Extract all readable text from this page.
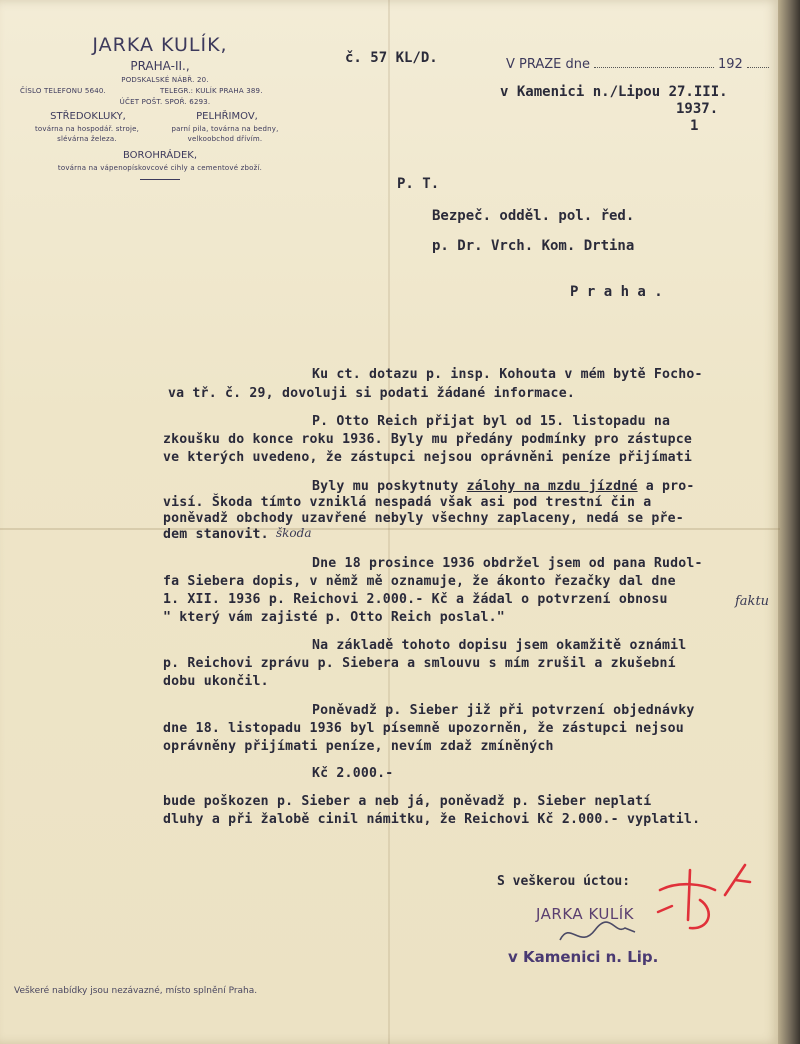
JARKA KULÍK,
PRAHA-II.,
PODSKALSKÉ NÁBŘ. 20.
ČÍSLO TELEFONU 5640.	TELEGR.: KULÍK PRAHA 389.
ÚČET POŠT. SPOŘ. 6293.
STŘEDOKLUKY,
továrna na hospodář. stroje,
slévárna železa.
PELHŘIMOV,
parní pila, továrna na bedny,
velkoobchod dřívím.
BOROHRÁDEK,
továrna na vápenopískovcové cihly a cementové zboží.
č. 57 KL/D.	V PRAZE dne	192
v Kamenici n./Lipou 27.III.
1937.
1
P. T.
Bezpeč. odděl. pol. řed.
p. Dr. Vrch. Kom. Drtina
P r a h a .
Ku ct. dotazu p. insp. Kohouta v mém bytě Focho-
va tř. č. 29, dovoluji si podati žádané informace.
P. Otto Reich přijat byl od 15. listopadu na
zkoušku do konce roku 1936. Byly mu předány podmínky pro zástupce
ve kterých uvedeno, že zástupci nejsou oprávněni peníze přijímati
Byly mu poskytnuty zálohy na mzdu jízdné a pro-
visí. Škoda tímto vzniklá nespadá však asi pod trestní čin a
poněvadž obchody uzavřené nebyly všechny zaplaceny, nedá se pře-
dem stanovit. škoda
Dne 18 prosince 1936 obdržel jsem od pana Rudol-
fa Siebera dopis, v němž mě oznamuje, že ákonto řezačky dal dne
1. XII. 1936 p. Reichovi 2.000.- Kč a žádal o potvrzení obnosu
" který vám zajisté p. Otto Reich poslal."
faktu
Na základě tohoto dopisu jsem okamžitě oznámil
p. Reichovi zprávu p. Siebera a smlouvu s mím zrušil a zkušební
dobu ukončil.
Poněvadž p. Sieber již při potvrzení objednávky
dne 18. listopadu 1936 byl písemně upozorněn, že zástupci nejsou
oprávněny přijímati peníze, nevím zdaž zmíněných
Kč 2.000.-
bude poškozen p. Sieber a neb já, poněvadž p. Sieber neplatí
dluhy a při žalobě cinil námitku, že Reichovi Kč 2.000.- vyplatil.
S veškerou úctou:
JARKA KULÍK
v Kamenici n. Lip.
Veškeré nabídky jsou nezávazné, místo splnění Praha.
